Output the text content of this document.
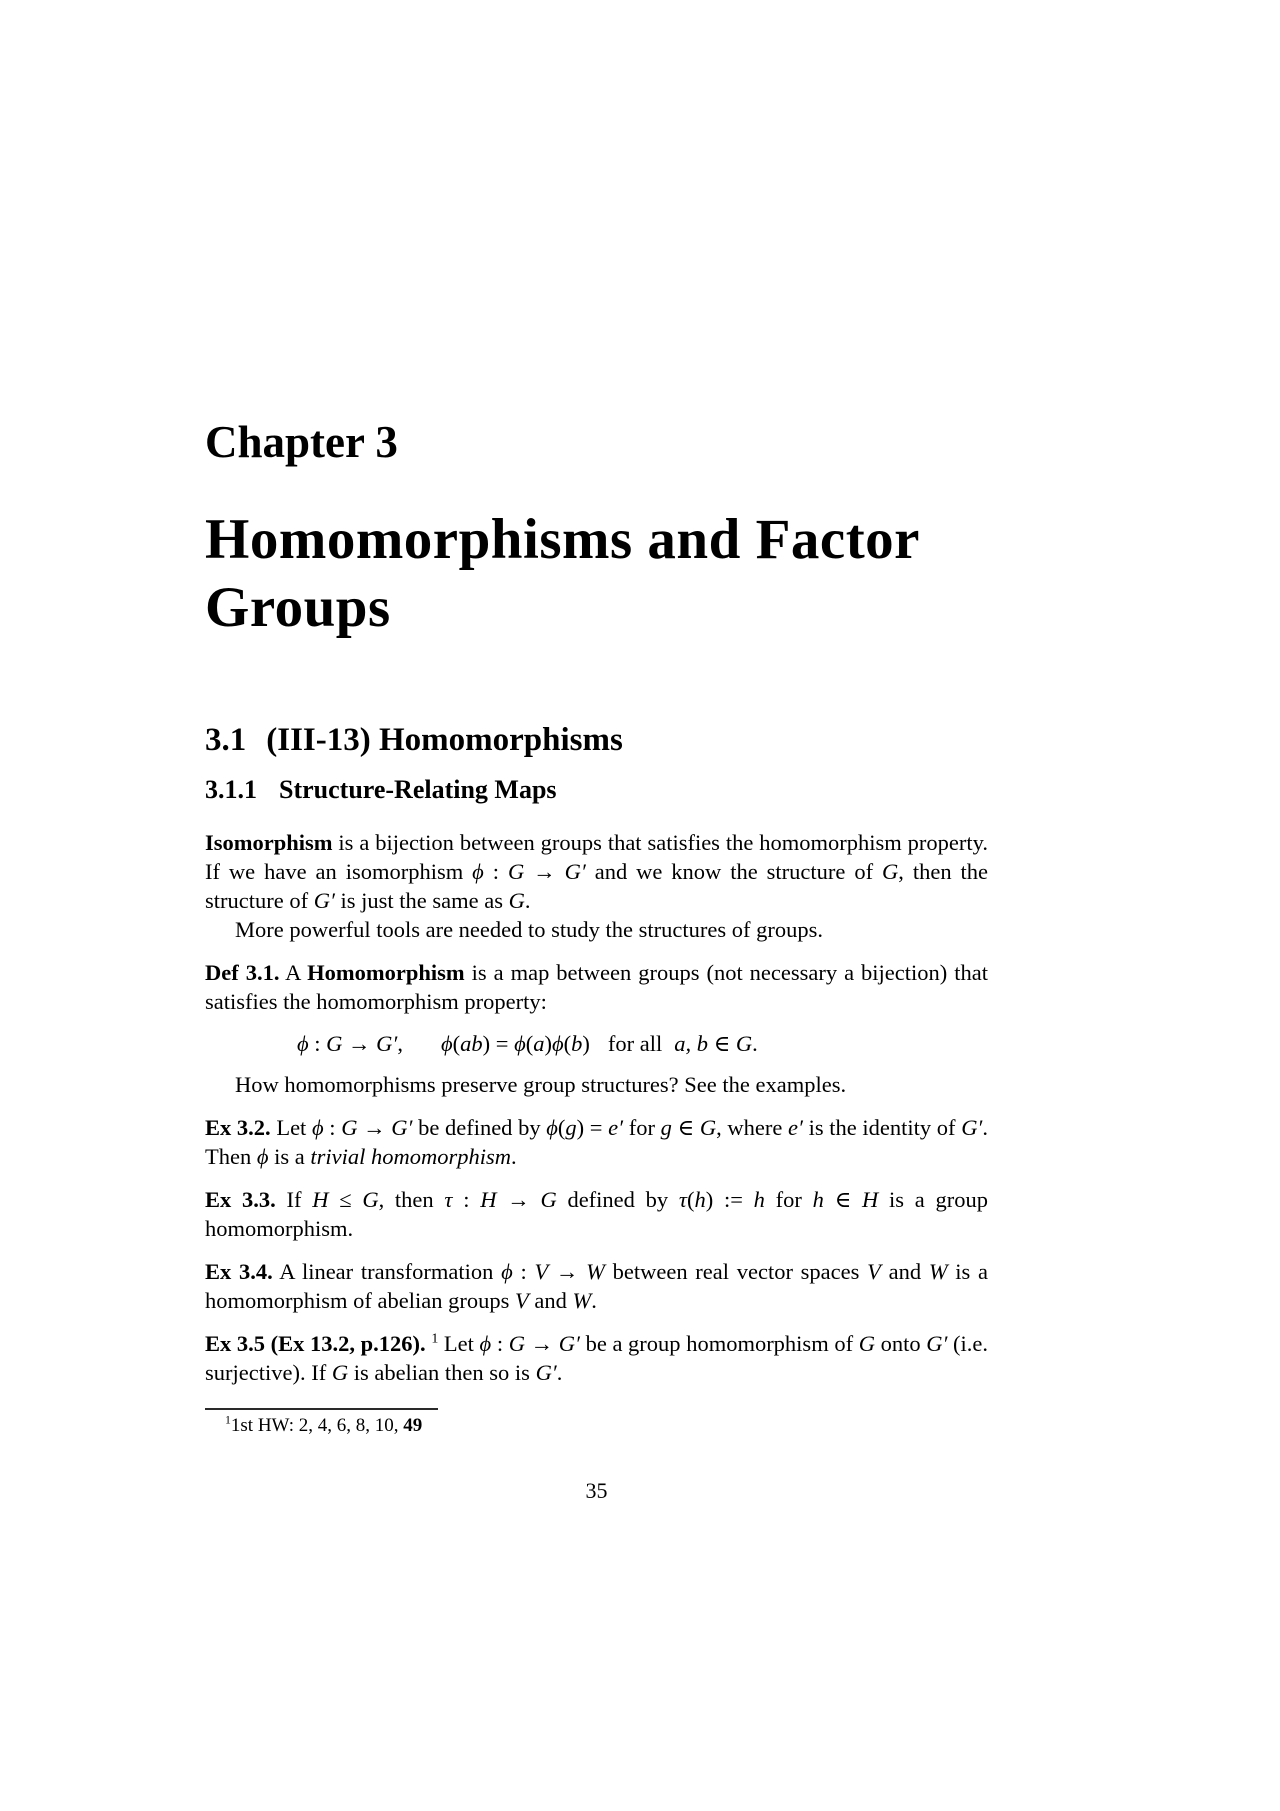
Chapter 3
Homomorphisms and Factor
Groups
3.1 (III-13) Homomorphisms
3.1.1 Structure-Relating Maps

Isomorphism is a bijection between groups that satisfies the homomorphism property. If we have an isomorphism ϕ : G → G′ and we know the structure of G, then the structure of G′ is just the same as G.

More powerful tools are needed to study the structures of groups.

Def 3.1. A Homomorphism is a map between groups (not necessary a bijection) that satisfies the homomorphism property:

ϕ : G → G′, ϕ(ab) = ϕ(a)ϕ(b) for all a, b ∈ G.

How homomorphisms preserve group structures? See the examples.

Ex 3.2. Let ϕ : G → G′ be defined by ϕ(g) = e′ for g ∈ G, where e′ is the identity of G′. Then ϕ is a trivial homomorphism.

Ex 3.3. If H ≤ G, then τ : H → G defined by τ(h) := h for h ∈ H is a group homomorphism.

Ex 3.4. A linear transformation ϕ : V → W between real vector spaces V and W is a homomorphism of abelian groups V and W.

Ex 3.5 (Ex 13.2, p.126). $^1$ Let ϕ : G → G′ be a group homomorphism of G onto G′ (i.e. surjective). If G is abelian then so is G′.

$^1$1st HW: 2, 4, 6, 8, 10, 49

35
